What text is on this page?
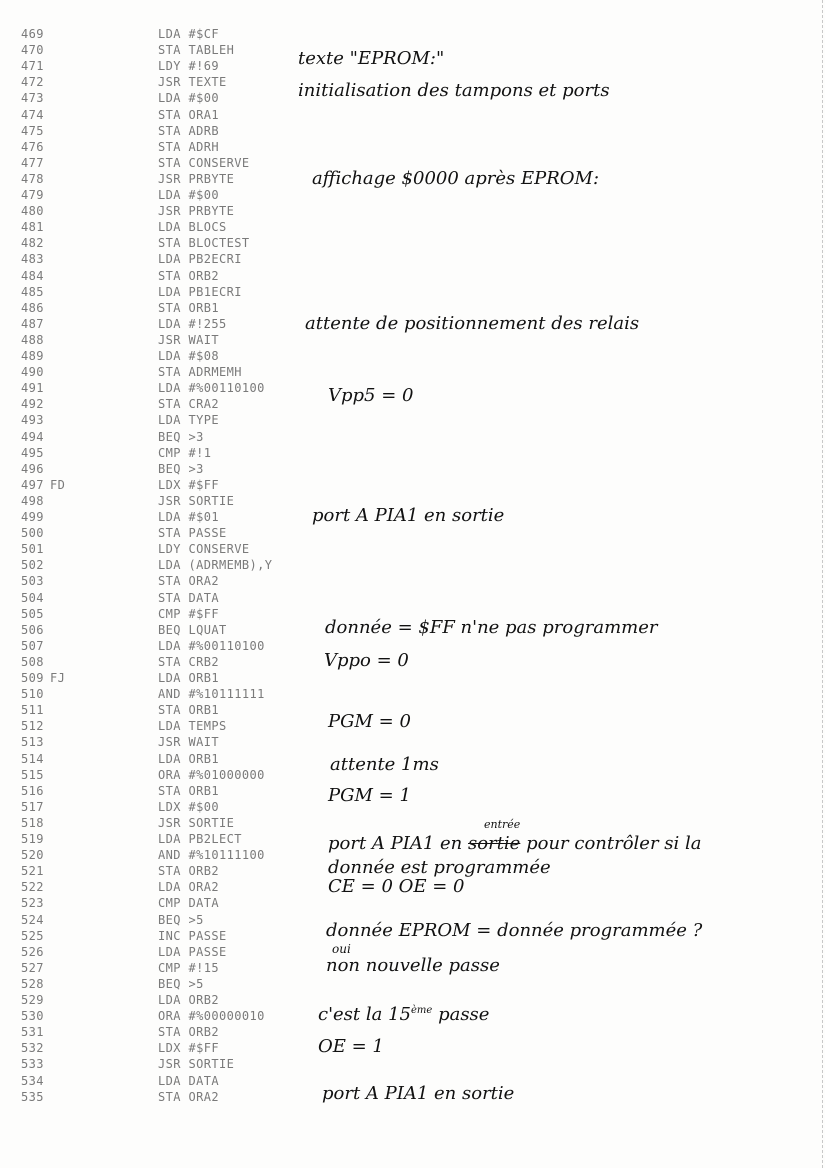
469	LDA #$CF
470	STA TABLEH
471	LDY #!69
472	JSR TEXTE
473	LDA #$00
474	STA ORA1
475	STA ADRB
476	STA ADRH
477	STA CONSERVE
478	JSR PRBYTE
479	LDA #$00
480	JSR PRBYTE
481	LDA BLOCS
482	STA BLOCTEST
483	LDA PB2ECRI
484	STA ORB2
485	LDA PB1ECRI
486	STA ORB1
487	LDA #!255
488	JSR WAIT
489	LDA #$08
490	STA ADRMEMH
491	LDA #%00110100
492	STA CRA2
493	LDA TYPE
494	BEQ >3
495	CMP #!1
496	BEQ >3
497 FD	LDX #$FF
498	JSR SORTIE
499	LDA #$01
500	STA PASSE
501	LDY CONSERVE
502	LDA (ADRMEMB),Y
503	STA ORA2
504	STA DATA
505	CMP #$FF
506	BEQ LQUAT
507	LDA #%00110100
508	STA CRB2
509 FJ	LDA ORB1
510	AND #%10111111
511	STA ORB1
512	LDA TEMPS
513	JSR WAIT
514	LDA ORB1
515	ORA #%01000000
516	STA ORB1
517	LDX #$00
518	JSR SORTIE
519	LDA PB2LECT
520	AND #%10111100
521	STA ORB2
522	LDA ORA2
523	CMP DATA
524	BEQ >5
525	INC PASSE
526	LDA PASSE
527	CMP #!15
528	BEQ >5
529	LDA ORB2
530	ORA #%00000010
531	STA ORB2
532	LDX #$FF
533	JSR SORTIE
534	LDA DATA
535	STA ORA2
texte "EPROM:"
initialisation des tampons et ports
affichage $0000 après EPROM:
attente de positionnement des relais
Vpp5 = 0
port A PIA1 en sortie
donnée = $FF n'ne pas programmer
Vppo = 0
PGM = 0
attente 1ms
PGM = 1
entrée
port A PIA1 en sortie pour contrôler si la
donnée est programmée
CE = 0 OE = 0
donnée EPROM = donnée programmée ?
oui
non nouvelle passe
c'est la 15ème passe
OE = 1
port A PIA1 en sortie
